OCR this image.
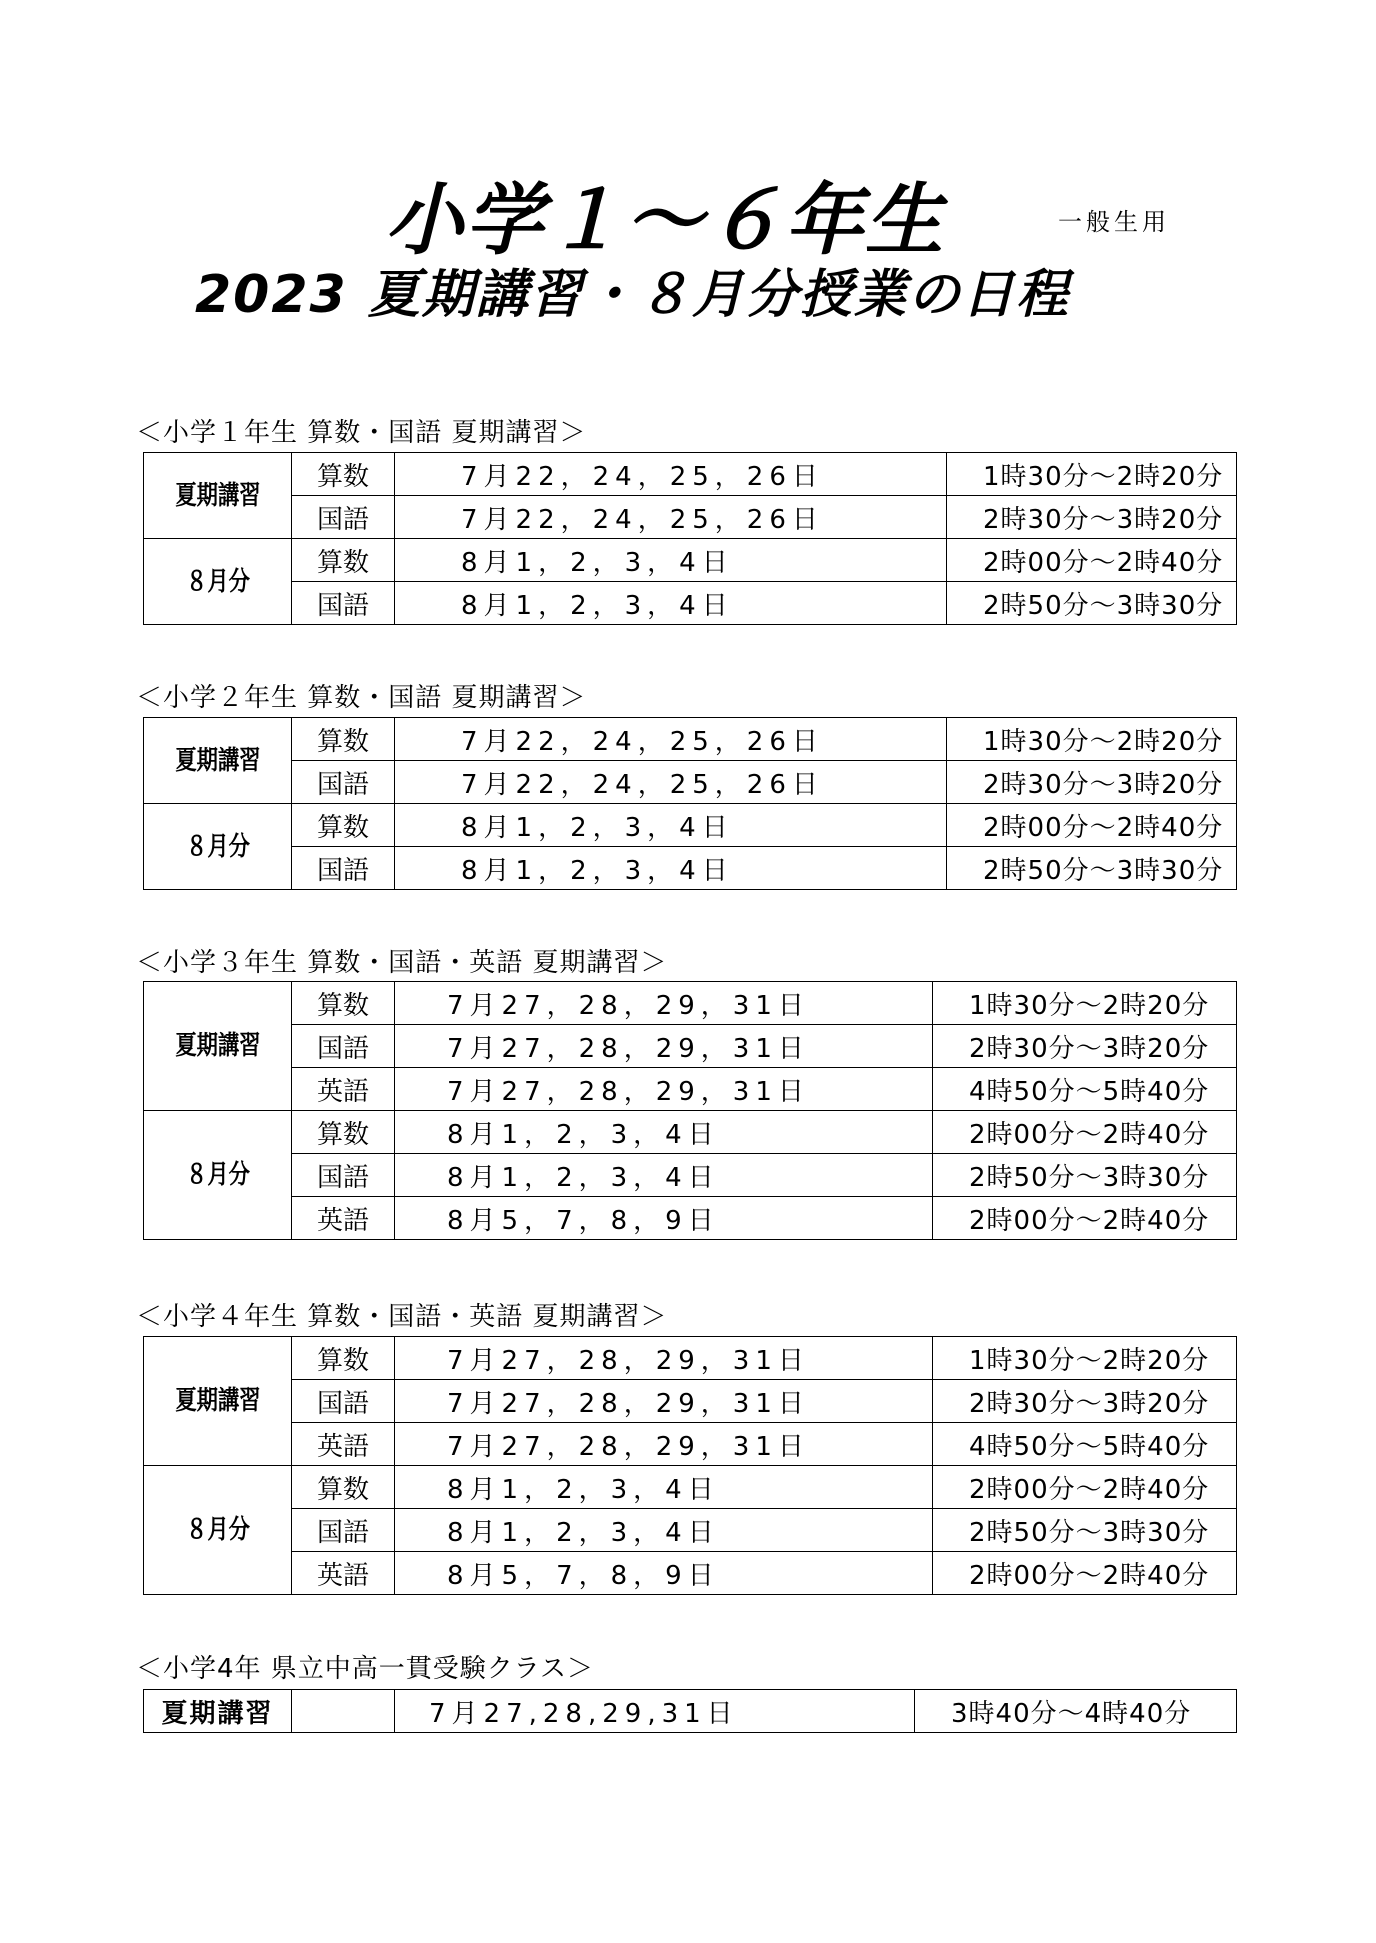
小学１～６年生	一般生用
2023 夏期講習・８月分授業の日程
＜小学１年生 算数・国語 夏期講習＞
夏期講習	算数	7月22，24，25，26日	1時30分～2時20分
	国語	7月22，24，25，26日	2時30分～3時20分
８月分	算数	8月1，2，3，4日	2時00分～2時40分
	国語	8月1，2，3，4日	2時50分～3時30分
＜小学２年生 算数・国語 夏期講習＞
夏期講習	算数	7月22，24，25，26日	1時30分～2時20分
	国語	7月22，24，25，26日	2時30分～3時20分
８月分	算数	8月1，2，3，4日	2時00分～2時40分
	国語	8月1，2，3，4日	2時50分～3時30分
＜小学３年生 算数・国語・英語 夏期講習＞
夏期講習	算数	7月27，28，29，31日	1時30分～2時20分
	国語	7月27，28，29，31日	2時30分～3時20分
	英語	7月27，28，29，31日	4時50分～5時40分
８月分	算数	8月1，2，3，4日	2時00分～2時40分
	国語	8月1，2，3，4日	2時50分～3時30分
	英語	8月5，7，8，9日	2時00分～2時40分
＜小学４年生 算数・国語・英語 夏期講習＞
夏期講習	算数	7月27，28，29，31日	1時30分～2時20分
	国語	7月27，28，29，31日	2時30分～3時20分
	英語	7月27，28，29，31日	4時50分～5時40分
８月分	算数	8月1，2，3，4日	2時00分～2時40分
	国語	8月1，2，3，4日	2時50分～3時30分
	英語	8月5，7，8，9日	2時00分～2時40分
＜小学4年 県立中高一貫受験クラス＞
夏期講習		7月27,28,29,31日	3時40分～4時40分
